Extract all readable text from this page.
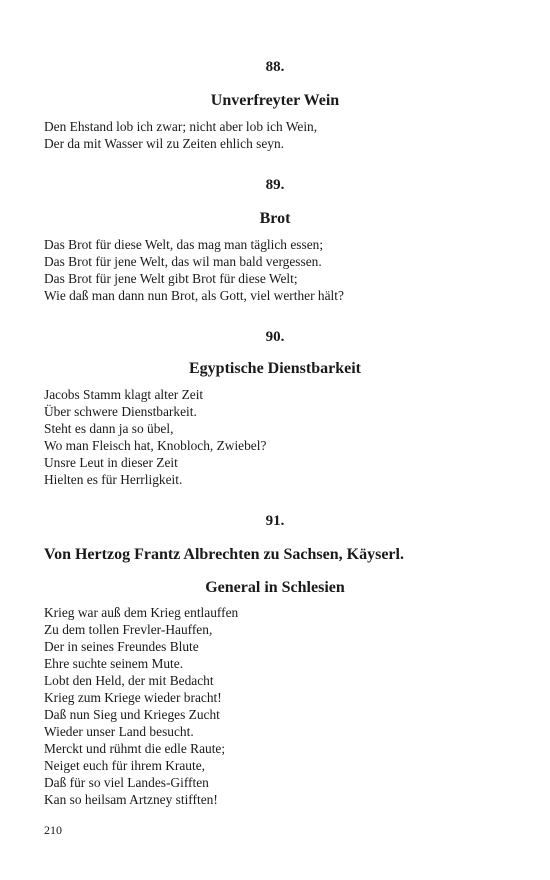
88.
Unverfreyter Wein
Den Ehstand lob ich zwar; nicht aber lob ich Wein,
Der da mit Wasser wil zu Zeiten ehlich seyn.
89.
Brot
Das Brot für diese Welt, das mag man täglich essen;
Das Brot für jene Welt, das wil man bald vergessen.
Das Brot für jene Welt gibt Brot für diese Welt;
Wie daß man dann nun Brot, als Gott, viel werther hält?
90.
Egyptische Dienstbarkeit
Jacobs Stamm klagt alter Zeit
Über schwere Dienstbarkeit.
Steht es dann ja so übel,
Wo man Fleisch hat, Knobloch, Zwiebel?
Unsre Leut in dieser Zeit
Hielten es für Herrligkeit.
91.
Von Hertzog Frantz Albrechten zu Sachsen, Käyserl.
General in Schlesien
Krieg war auß dem Krieg entlauffen
Zu dem tollen Frevler-Hauffen,
Der in seines Freundes Blute
Ehre suchte seinem Mute.
Lobt den Held, der mit Bedacht
Krieg zum Kriege wieder bracht!
Daß nun Sieg und Krieges Zucht
Wieder unser Land besucht.
Merckt und rühmt die edle Raute;
Neiget euch für ihrem Kraute,
Daß für so viel Landes-Gifften
Kan so heilsam Artzney stifften!
210
